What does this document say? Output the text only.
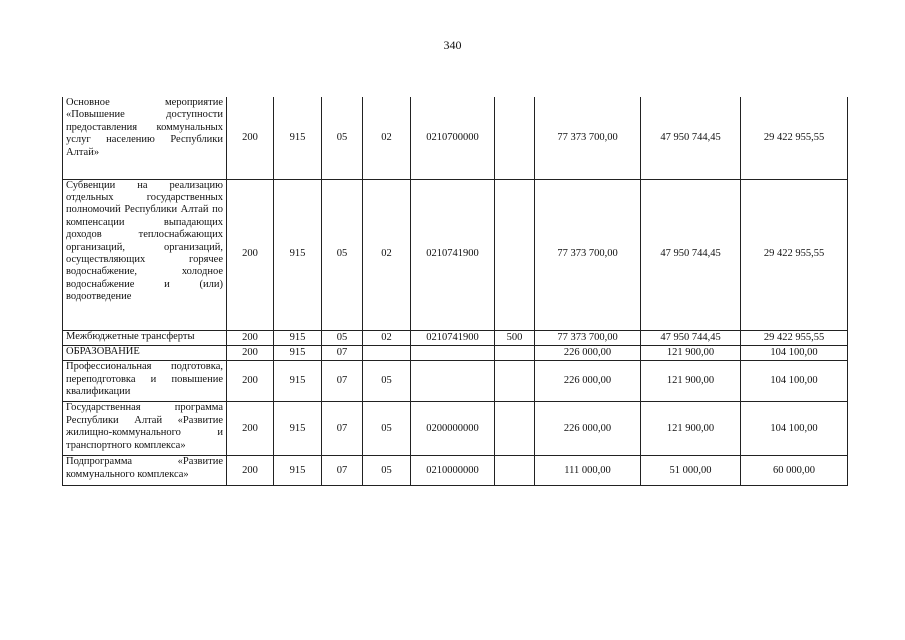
340
Основное мероприятие «Повышение доступности предоставления коммунальных услуг населению Республики Алтай»	200	915	05	02	0210700000		77 373 700,00	47 950 744,45	29 422 955,55
Субвенции на реализацию отдельных государственных полномочий Республики Алтай по компенсации выпадающих доходов теплоснабжающих организаций, организаций, осуществляющих горячее водоснабжение, холодное водоснабжение и (или) водоотведение	200	915	05	02	0210741900		77 373 700,00	47 950 744,45	29 422 955,55
Межбюджетные трансферты	200	915	05	02	0210741900	500	77 373 700,00	47 950 744,45	29 422 955,55
ОБРАЗОВАНИЕ	200	915	07				226 000,00	121 900,00	104 100,00
Профессиональная подготовка, переподготовка и повышение квалификации	200	915	07	05			226 000,00	121 900,00	104 100,00
Государственная программа Республики Алтай «Развитие жилищно-коммунального и транспортного комплекса»	200	915	07	05	0200000000		226 000,00	121 900,00	104 100,00
Подпрограмма «Развитие коммунального комплекса»	200	915	07	05	0210000000		111 000,00	51 000,00	60 000,00
